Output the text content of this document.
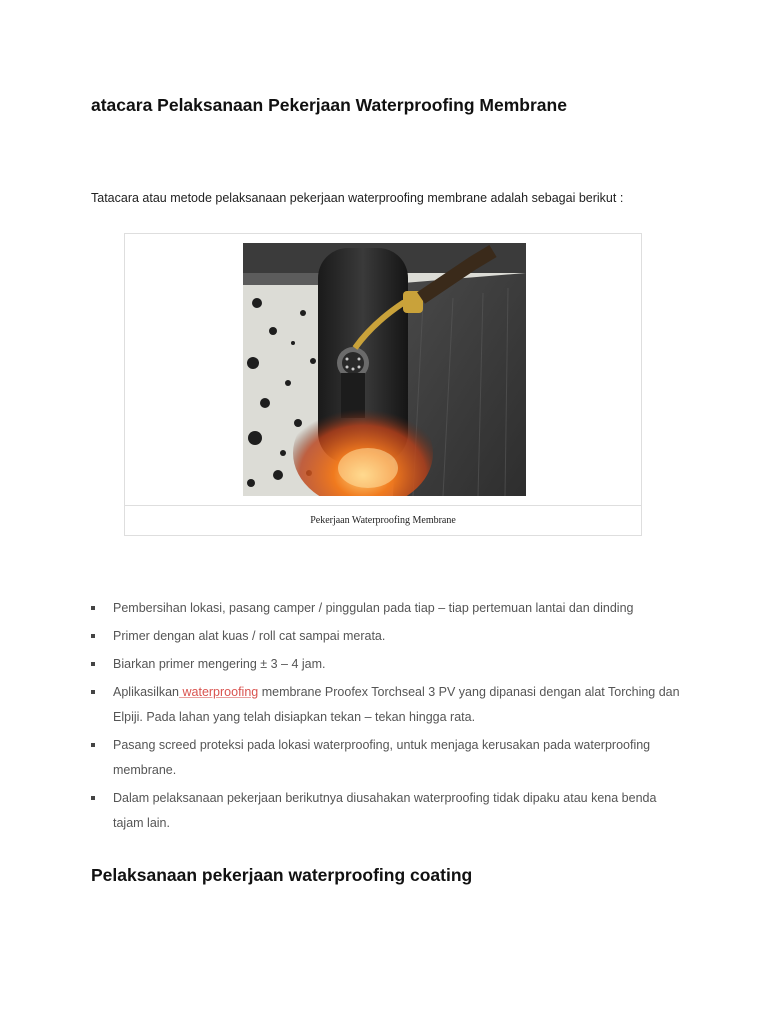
atacara Pelaksanaan Pekerjaan Waterproofing Membrane

Tatacara atau metode pelaksanaan pekerjaan waterproofing membrane adalah sebagai berikut :

Pekerjaan Waterproofing Membrane
Pembersihan lokasi, pasang camper / pinggulan pada tiap – tiap pertemuan lantai dan dinding
Primer dengan alat kuas / roll cat sampai merata.
Biarkan primer mengering ± 3 – 4 jam.
Aplikasilkan waterproofing membrane Proofex Torchseal 3 PV yang dipanasi dengan alat Torching dan Elpiji. Pada lahan yang telah disiapkan tekan – tekan hingga rata.
Pasang screed proteksi pada lokasi waterproofing, untuk menjaga kerusakan pada waterproofing membrane.
Dalam pelaksanaan pekerjaan berikutnya diusahakan waterproofing tidak dipaku atau kena benda tajam lain.
Pelaksanaan pekerjaan waterproofing coating
